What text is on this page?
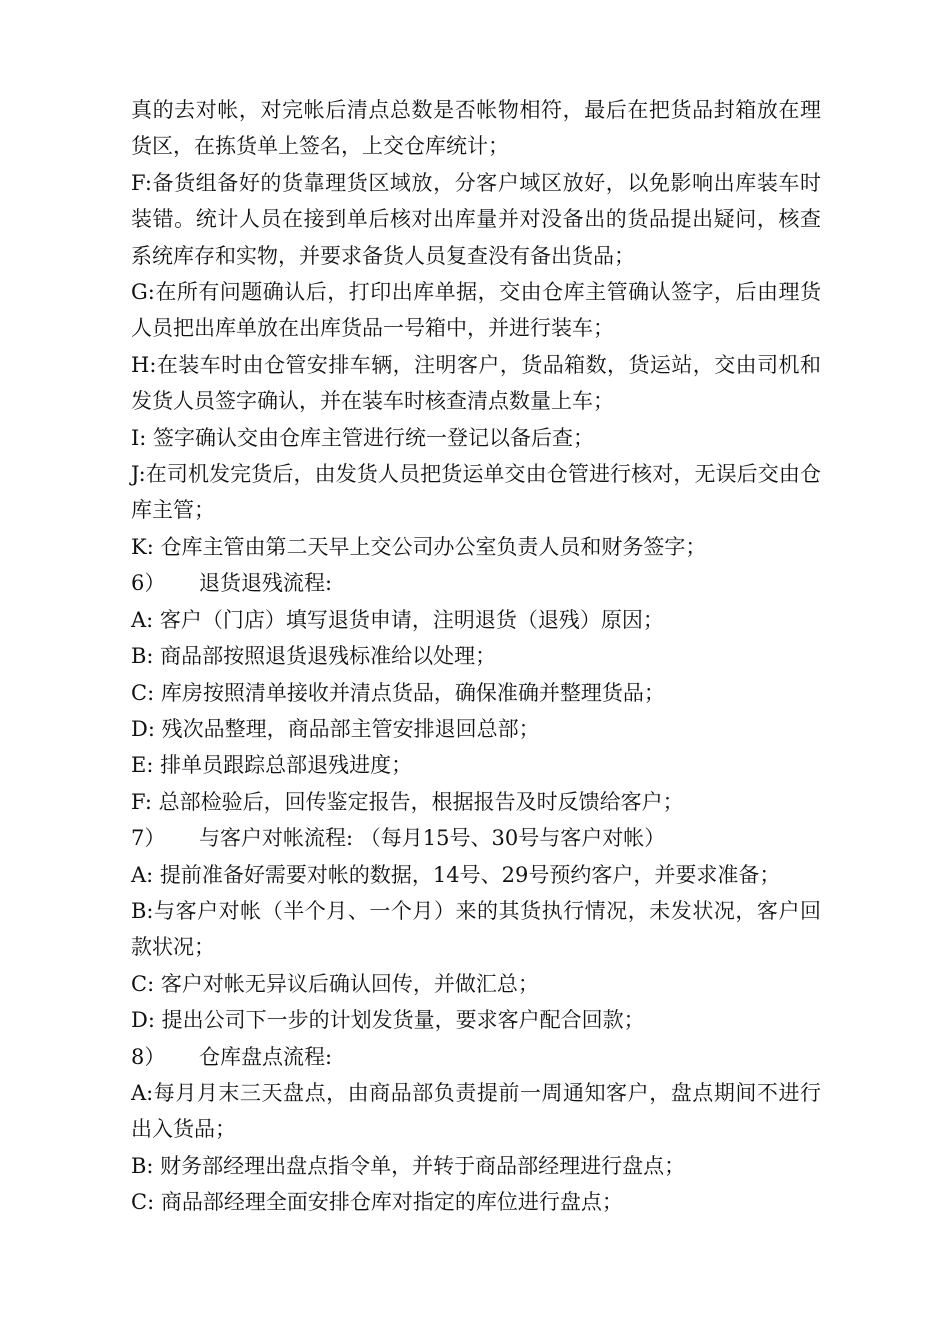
真的去对帐，对完帐后清点总数是否帐物相符，最后在把货品封箱放在理货区，在拣货单上签名，上交仓库统计；

F:备货组备好的货靠理货区域放，分客户域区放好，以免影响出库装车时装错。统计人员在接到单后核对出库量并对没备出的货品提出疑问，核查系统库存和实物，并要求备货人员复查没有备出货品；

G:在所有问题确认后，打印出库单据，交由仓库主管确认签字，后由理货人员把出库单放在出库货品一号箱中，并进行装车；

H:在装车时由仓管安排车辆，注明客户，货品箱数，货运站，交由司机和发货人员签字确认，并在装车时核查清点数量上车；

I: 签字确认交由仓库主管进行统一登记以备后查；

J:在司机发完货后，由发货人员把货运单交由仓管进行核对，无误后交由仓库主管；

K: 仓库主管由第二天早上交公司办公室负责人员和财务签字；

6） 退货退残流程:

A: 客户（门店）填写退货申请，注明退货（退残）原因；

B: 商品部按照退货退残标准给以处理；

C: 库房按照清单接收并清点货品，确保准确并整理货品；

D: 残次品整理，商品部主管安排退回总部；

E: 排单员跟踪总部退残进度；

F: 总部检验后，回传鉴定报告，根据报告及时反馈给客户；

7） 与客户对帐流程: （每月15号、30号与客户对帐）

A: 提前准备好需要对帐的数据，14号、29号预约客户，并要求准备；

B:与客户对帐（半个月、一个月）来的其货执行情况，未发状况，客户回款状况；

C: 客户对帐无异议后确认回传，并做汇总；

D: 提出公司下一步的计划发货量，要求客户配合回款；

8） 仓库盘点流程:

A:每月月末三天盘点，由商品部负责提前一周通知客户，盘点期间不进行出入货品；

B: 财务部经理出盘点指令单，并转于商品部经理进行盘点；

C: 商品部经理全面安排仓库对指定的库位进行盘点；
